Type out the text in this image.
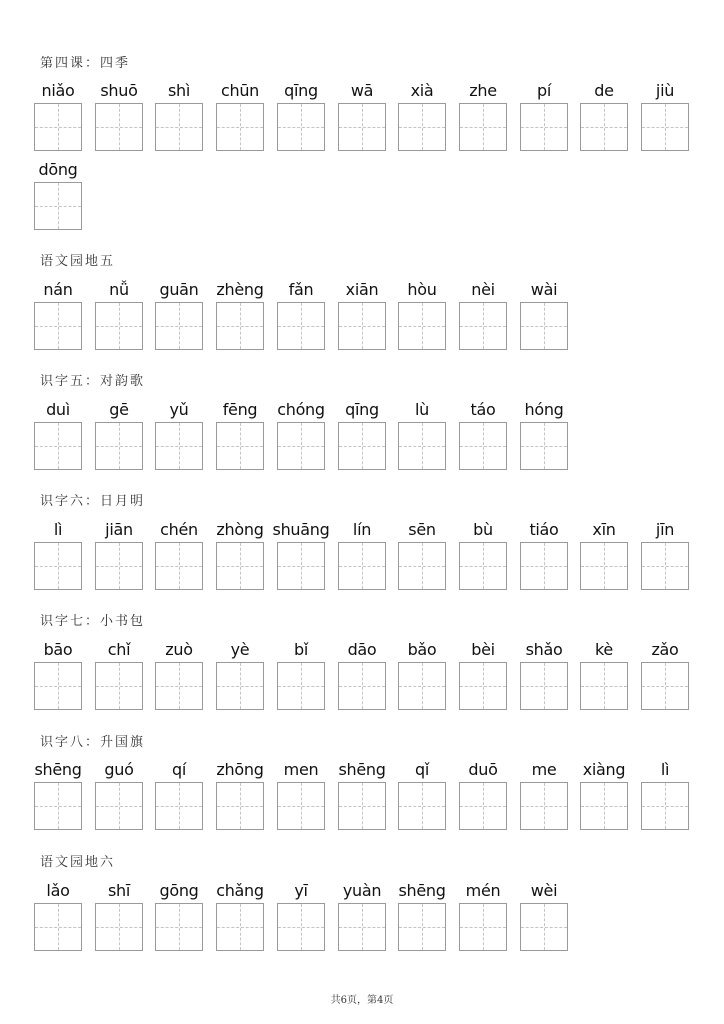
第四课：四季
niǎo	shuō	shì	chūn	qīng	wā	xià	zhe	pí	de	jiù
dōng
语文园地五
nán	nǚ	guān	zhèng	fǎn	xiān	hòu	nèi	wài
识字五：对韵歌
duì	gē	yǔ	fēng	chóng	qīng	lù	táo	hóng
识字六：日月明
lì	jiān	chén	zhòng shuāng	lín	sēn	bù	tiáo	xīn	jīn
识字七：小书包
bāo	chǐ	zuò	yè	bǐ	dāo	bǎo	bèi	shǎo	kè	zǎo
识字八：升国旗
shēng	guó	qí	zhōng	men	shēng	qǐ	duō	me	xiàng	lì
语文园地六
lǎo	shī	gōng	chǎng	yī	yuàn	shēng	mén	wèi
共6页，第4页
